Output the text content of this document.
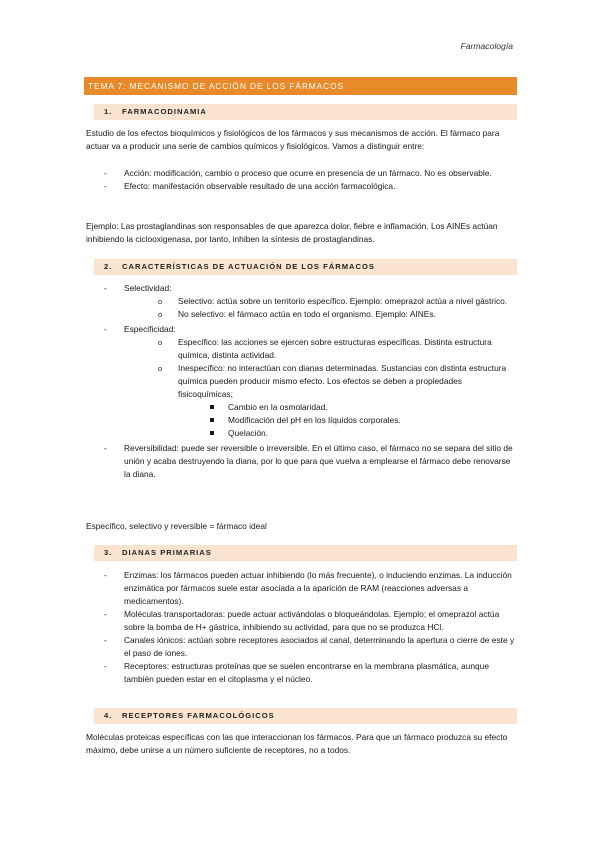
Farmacología
TEMA 7: MECANISMO DE ACCIÓN DE LOS FÁRMACOS
1. FARMACODINAMIA
Estudio de los efectos bioquímicos y fisiológicos de los fármacos y sus mecanismos de acción. El fármaco para actuar va a producir una serie de cambios químicos y fisiológicos. Vamos a distinguir entre:
- Acción: modificación, cambio o proceso que ocurre en presencia de un fármaco. No es observable.
- Efecto: manifestación observable resultado de una acción farmacológica.
Ejemplo: Las prostaglandinas son responsables de que aparezca dolor, fiebre e inflamación. Los AINEs actúan inhibiendo la ciclooxigenasa, por tanto, inhiben la síntesis de prostaglandinas.
2. CARACTERÍSTICAS DE ACTUACIÓN DE LOS FÁRMACOS
- Selectividad:
o Selectivo: actúa sobre un territorio específico. Ejemplo: omeprazol actúa a nivel gástrico.
o No selectivo: el fármaco actúa en todo el organismo. Ejemplo: AINEs.
- Especificidad:
o Específico: las acciones se ejercen sobre estructuras específicas. Distinta estructura química, distinta actividad.
o Inespecífico: no interactúan con dianas determinadas. Sustancias con distinta estructura química pueden producir mismo efecto. Los efectos se deben a propiedades fisicoquímicas;
Cambio en la osmolaridad.
Modificación del pH en los líquidos corporales.
Quelación.
- Reversibilidad: puede ser reversible o irreversible. En el último caso, el fármaco no se separa del sitio de unión y acaba destruyendo la diana, por lo que para que vuelva a emplearse el fármaco debe renovarse la diana.
Específico, selectivo y reversible = fármaco ideal
3. DIANAS PRIMARIAS
- Enzimas: los fármacos pueden actuar inhibiendo (lo más frecuente), o induciendo enzimas. La inducción enzimática por fármacos suele estar asociada a la aparición de RAM (reacciones adversas a medicamentos).
- Moléculas transportadoras: puede actuar activándolas o bloqueándolas. Ejemplo; el omeprazol actúa sobre la bomba de H+ gástrica, inhibiendo su actividad, para que no se produzca HCl.
- Canales iónicos: actúan sobre receptores asociados al canal, determinando la apertura o cierre de este y el paso de iones.
- Receptores: estructuras proteínas que se suelen encontrarse en la membrana plasmática, aunque también pueden estar en el citoplasma y el núcleo.
4. RECEPTORES FARMACOLÓGICOS
Moléculas proteicas específicas con las que interaccionan los fármacos. Para que un fármaco produzca su efecto máximo, debe unirse a un número suficiente de receptores, no a todos.
